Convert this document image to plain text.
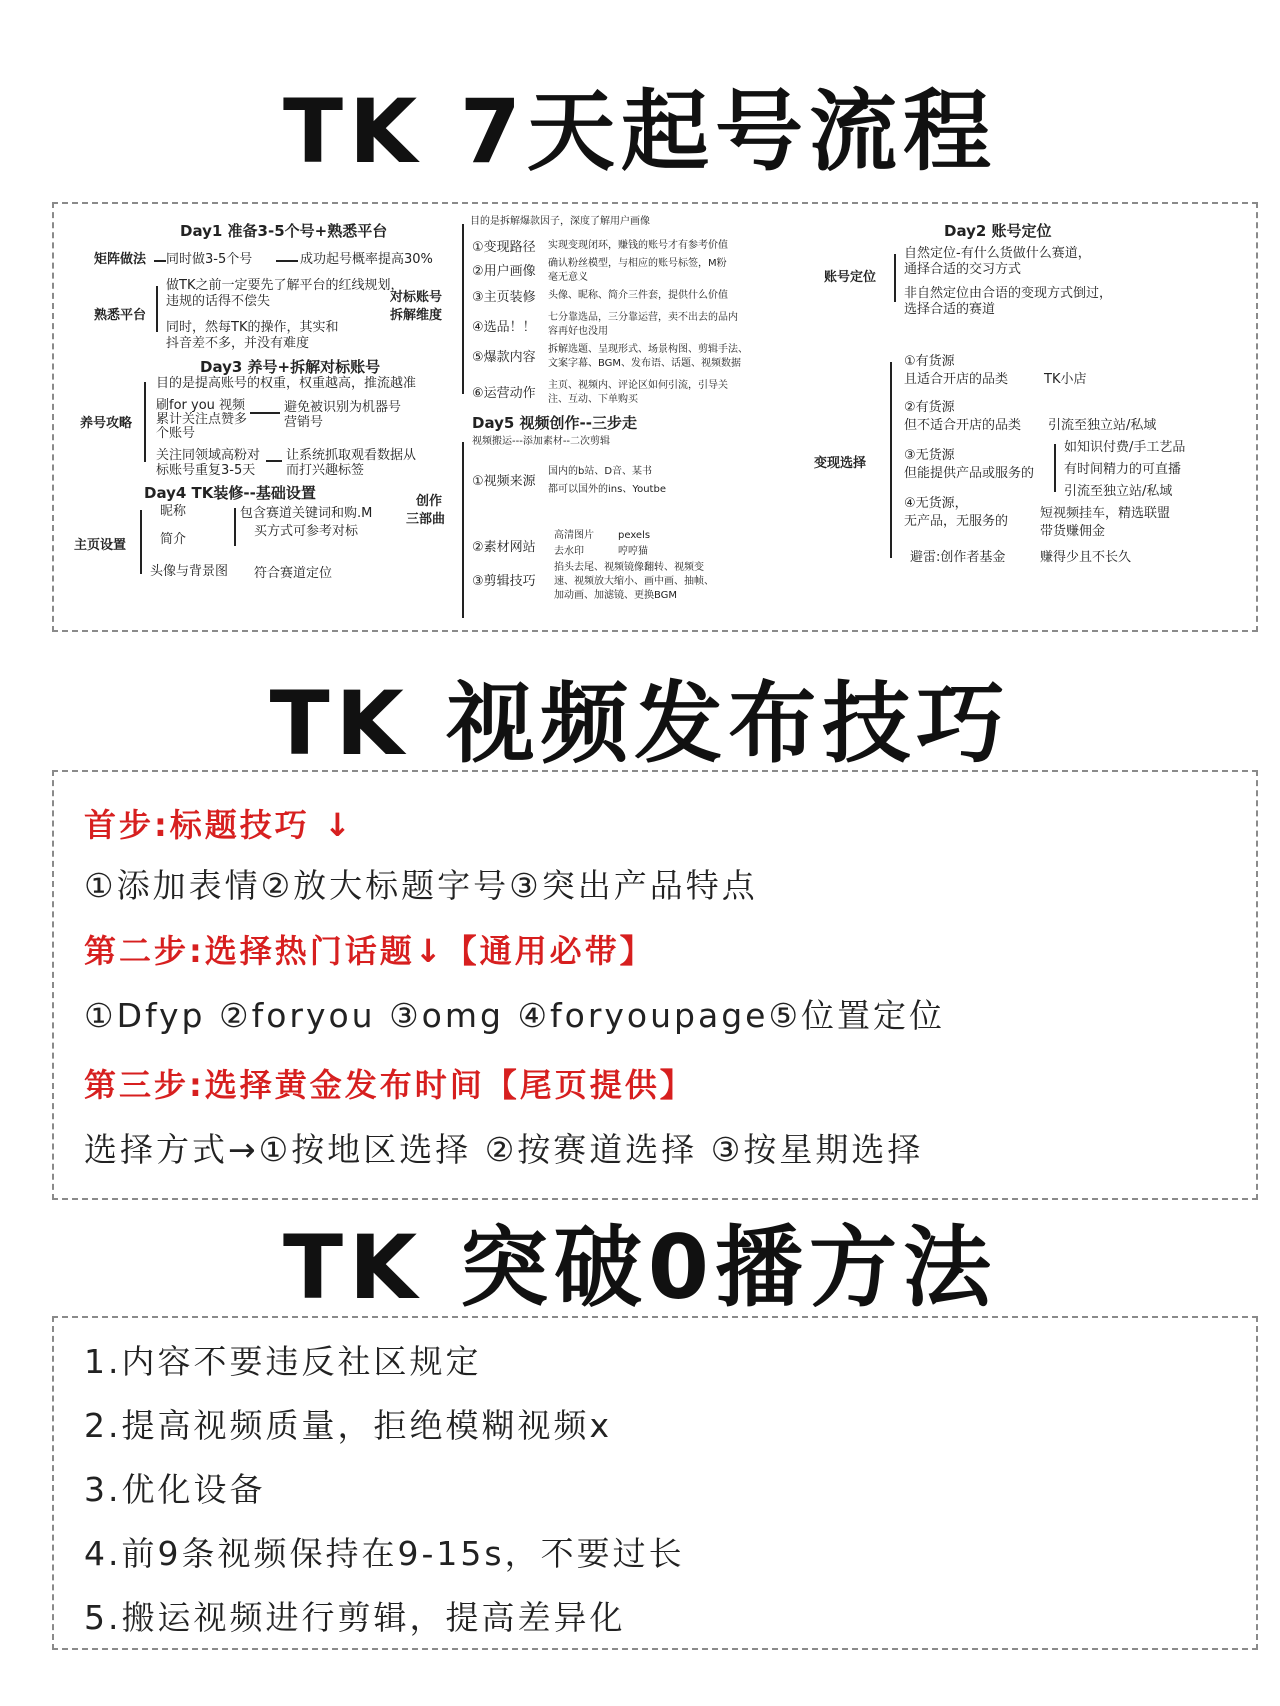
TK 7天起号流程
Day1 准备3-5个号+熟悉平台
矩阵做法 同时做3-5个号	成功起号概率提高30%
熟悉平台
做TK之前一定要先了解平台的红线规划，
违规的话得不偿失
同时，然每TK的操作，其实和
抖音差不多，并没有难度
Day3 养号+拆解对标账号
养号攻略
目的是提高账号的权重，权重越高，推流越准
刷for you 视频
累计关注点赞多
个账号
避免被识别为机器号
营销号
关注同领域高粉对
标账号重复3-5天
让系统抓取观看数据从
而打兴趣标签
Day4 TK装修--基础设置
主页设置
昵称
简介
包含赛道关键词和购.M
买方式可参考对标
头像与背景图 符合赛道定位
对标账号
拆解维度
目的是拆解爆款因子，深度了解用户画像
①变现路径 实现变现闭环，赚钱的账号才有参考价值
②用户画像
确认粉丝模型，与相应的账号标签，M粉
毫无意义
③主页装修 头像、昵称、简介三件套，提供什么价值
④选品！！
七分靠选品，三分靠运营，卖不出去的品内
容再好也没用
⑤爆款内容
拆解选题、呈现形式、场景构图、剪辑手法、
文案字幕、BGM、发布语、话题、视频数据
⑥运营动作
主页、视频内、评论区如何引流，引导关
注、互动、下单购买
Day5 视频创作--三步走
视频搬运---添加素材--二次剪辑
创作
三部曲
①视频来源
国内的b站、D音、某书
都可以国外的ins、Youtbe
②素材网站
高清图片 pexels
去水印	哼哼猫
③剪辑技巧
掐头去尾、视频镜像翻转、视频变
速、视频放大缩小、画中画、抽帧、
加动画、加滤镜、更换BGM
Day2 账号定位
账号定位
自然定位-有什么货做什么赛道，
通择合适的交习方式
非自然定位由合语的变现方式倒过，
选择合适的赛道
变现选择
①有货源
且适合开店的品类	TK小店
②有货源
但不适合开店的品类 引流至独立站/私域
③无货源
但能提供产品或服务的
如知识付费/手工艺品
有时间精力的可直播
引流至独立站/私域
④无货源，
无产品，无服务的
短视频挂车，精选联盟
带货赚佣金
避雷:创作者基金	赚得少且不长久
TK 视频发布技巧
首步:标题技巧 ↓
①添加表情②放大标题字号③突出产品特点
第二步:选择热门话题↓【通用必带】
①Dfyp ②foryou ③omg ④foryoupage⑤位置定位
第三步:选择黄金发布时间【尾页提供】
选择方式→①按地区选择 ②按赛道选择 ③按星期选择
TK 突破0播方法
1.内容不要违反社区规定
2.提高视频质量，拒绝模糊视频x
3.优化设备
4.前9条视频保持在9-15s，不要过长
5.搬运视频进行剪辑，提高差异化
